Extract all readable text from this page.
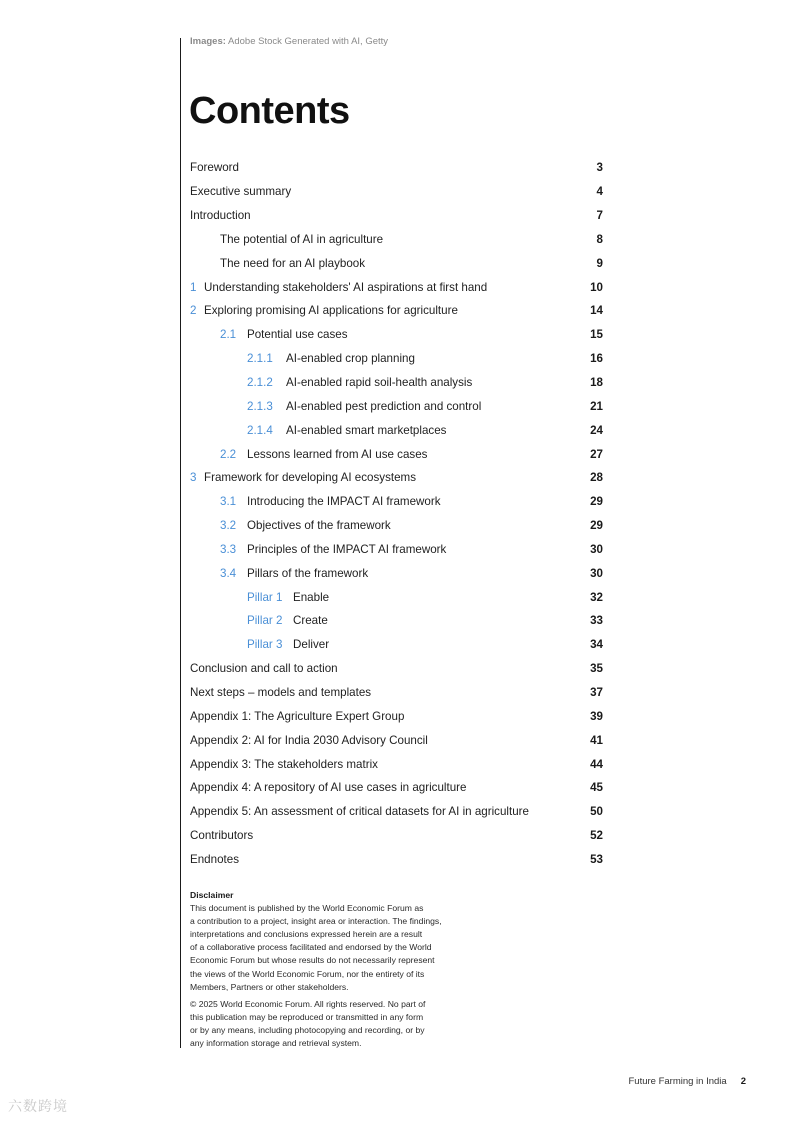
Images: Adobe Stock Generated with AI, Getty
Contents
Foreword	3
Executive summary	4
Introduction	7
The potential of AI in agriculture	8
The need for an AI playbook	9
1 Understanding stakeholders' AI aspirations at first hand	10
2 Exploring promising AI applications for agriculture	14
2.1 Potential use cases	15
2.1.1	AI-enabled crop planning	16
2.1.2	AI-enabled rapid soil-health analysis	18
2.1.3	AI-enabled pest prediction and control	21
2.1.4	AI-enabled smart marketplaces	24
2.2 Lessons learned from AI use cases	27
3 Framework for developing AI ecosystems	28
3.1 Introducing the IMPACT AI framework	29
3.2 Objectives of the framework	29
3.3 Principles of the IMPACT AI framework	30
3.4 Pillars of the framework	30
Pillar 1 Enable	32
Pillar 2 Create	33
Pillar 3 Deliver	34
Conclusion and call to action	35
Next steps – models and templates	37
Appendix 1: The Agriculture Expert Group	39
Appendix 2: AI for India 2030 Advisory Council	41
Appendix 3: The stakeholders matrix	44
Appendix 4: A repository of AI use cases in agriculture	45
Appendix 5: An assessment of critical datasets for AI in agriculture	50
Contributors	52
Endnotes	53
Disclaimer

This document is published by the World Economic Forum as
a contribution to a project, insight area or interaction. The findings,
interpretations and conclusions expressed herein are a result
of a collaborative process facilitated and endorsed by the World
Economic Forum but whose results do not necessarily represent
the views of the World Economic Forum, nor the entirety of its
Members, Partners or other stakeholders.

© 2025 World Economic Forum. All rights reserved. No part of
this publication may be reproduced or transmitted in any form
or by any means, including photocopying and recording, or by
any information storage and retrieval system.

Future Farming in India 2
六数跨境
